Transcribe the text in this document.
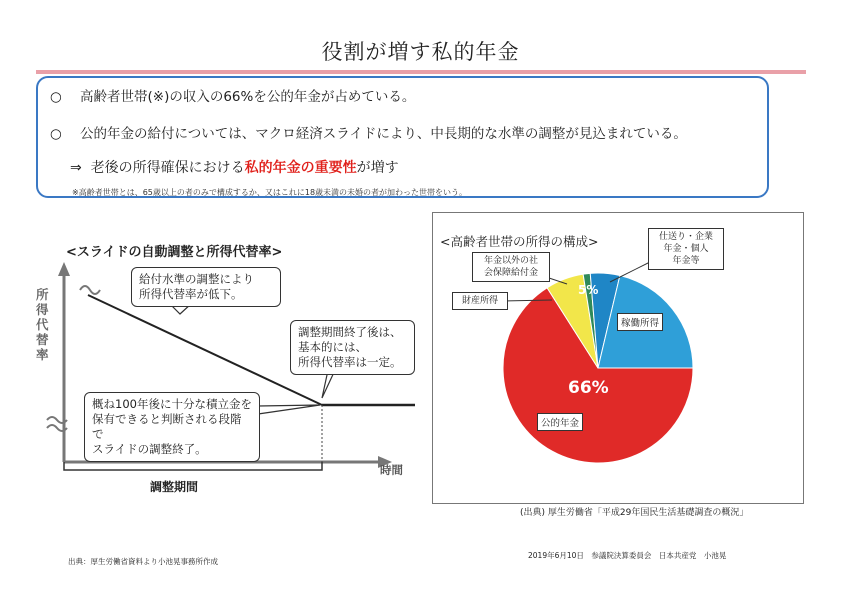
役割が増す私的年金
○ 高齢者世帯(※)の収入の66%を公的年金が占めている。
○ 公的年金の給付については、マクロ経済スライドにより、中長期的な水準の調整が見込まれている。
⇒ 老後の所得確保における私的年金の重要性が増す
※高齢者世帯とは、65歳以上の者のみで構成するか、又はこれに18歳未満の未婚の者が加わった世帯をいう。
<スライドの自動調整と所得代替率>
所得代替率
時間
調整期間
給付水準の調整により
所得代替率が低下。
調整期間終了後は、
基本的には、
所得代替率は一定。
概ね100年後に十分な積立金を
保有できると判断される段階で
スライドの調整終了。
<高齢者世帯の所得の構成>	仕送り・企業
年金・個人
年金等
年金以外の社
会保障給付金
財産所得
稼働所得
公的年金
66%
5%
(出典) 厚生労働省「平成29年国民生活基礎調査の概況」
出典：厚生労働省資料より小池晃事務所作成
2019年6月10日　参議院決算委員会　日本共産党　小池晃
